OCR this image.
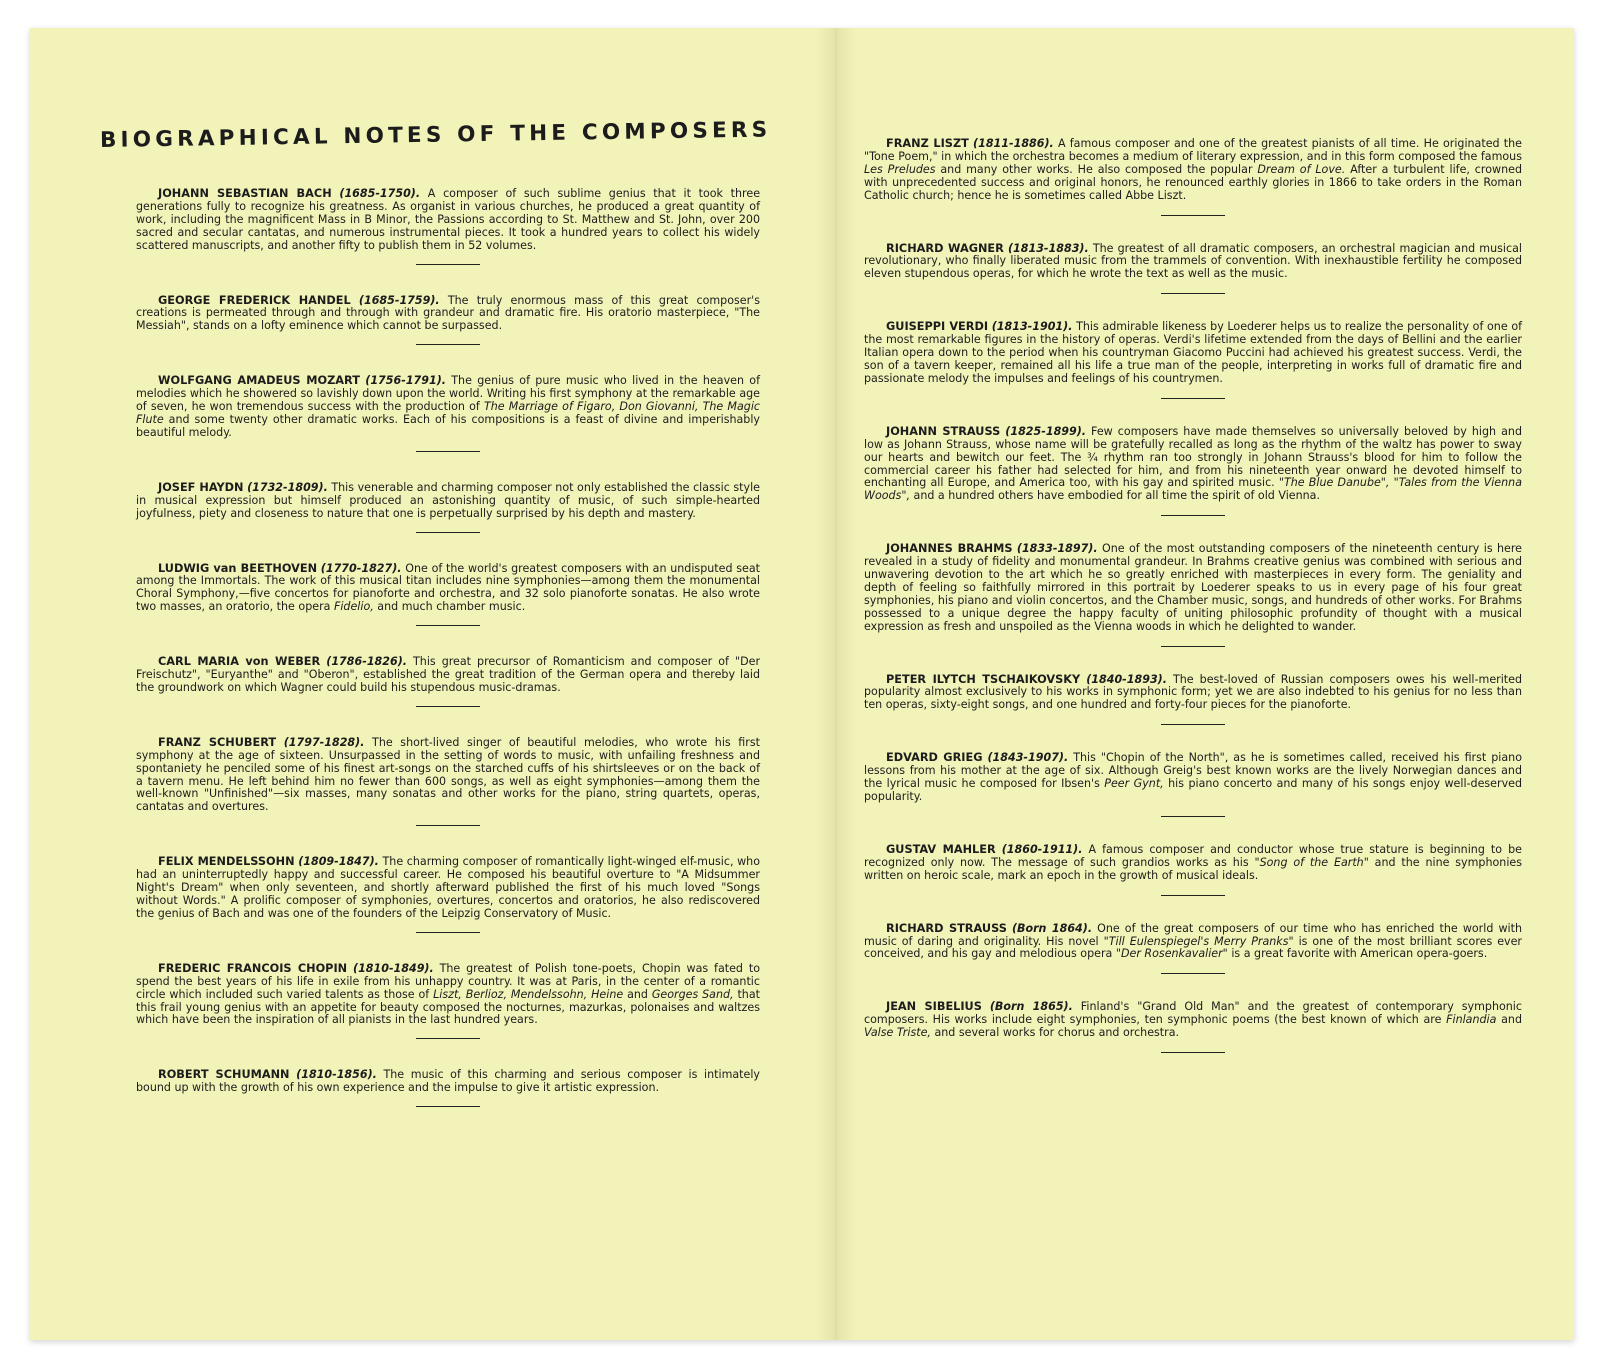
BIOGRAPHICAL NOTES OF THE COMPOSERS

JOHANN SEBASTIAN BACH (1685-1750). A composer of such sublime genius that it took three generations fully to recognize his greatness. As organist in various churches, he produced a great quantity of work, including the magnificent Mass in B Minor, the Passions according to St. Matthew and St. John, over 200 sacred and secular cantatas, and numerous instrumental pieces. It took a hundred years to collect his widely scattered manuscripts, and another fifty to publish them in 52 volumes.

GEORGE FREDERICK HANDEL (1685-1759). The truly enormous mass of this great composer's creations is permeated through and through with grandeur and dramatic fire. His oratorio masterpiece, "The Messiah", stands on a lofty eminence which cannot be surpassed.

WOLFGANG AMADEUS MOZART (1756-1791). The genius of pure music who lived in the heaven of melodies which he showered so lavishly down upon the world. Writing his first symphony at the remarkable age of seven, he won tremendous success with the production of The Marriage of Figaro, Don Giovanni, The Magic Flute and some twenty other dramatic works. Each of his compositions is a feast of divine and imperishably beautiful melody.

JOSEF HAYDN (1732-1809). This venerable and charming composer not only established the classic style in musical expression but himself produced an astonishing quantity of music, of such simple-hearted joyfulness, piety and closeness to nature that one is perpetually surprised by his depth and mastery.

LUDWIG van BEETHOVEN (1770-1827). One of the world's greatest composers with an undisputed seat among the Immortals. The work of this musical titan includes nine symphonies—among them the monumental Choral Symphony,—five concertos for pianoforte and orchestra, and 32 solo pianoforte sonatas. He also wrote two masses, an oratorio, the opera Fidelio, and much chamber music.

CARL MARIA von WEBER (1786-1826). This great precursor of Romanticism and composer of "Der Freischutz", "Euryanthe" and "Oberon", established the great tradition of the German opera and thereby laid the groundwork on which Wagner could build his stupendous music-dramas.

FRANZ SCHUBERT (1797-1828). The short-lived singer of beautiful melodies, who wrote his first symphony at the age of sixteen. Unsurpassed in the setting of words to music, with unfailing freshness and spontaniety he penciled some of his finest art-songs on the starched cuffs of his shirtsleeves or on the back of a tavern menu. He left behind him no fewer than 600 songs, as well as eight symphonies—among them the well-known "Unfinished"—six masses, many sonatas and other works for the piano, string quartets, operas, cantatas and overtures.

FELIX MENDELSSOHN (1809-1847). The charming composer of romantically light-winged elf-music, who had an uninterruptedly happy and successful career. He composed his beautiful overture to "A Midsummer Night's Dream" when only seventeen, and shortly afterward published the first of his much loved "Songs without Words." A prolific composer of symphonies, overtures, concertos and oratorios, he also rediscovered the genius of Bach and was one of the founders of the Leipzig Conservatory of Music.

FREDERIC FRANCOIS CHOPIN (1810-1849). The greatest of Polish tone-poets, Chopin was fated to spend the best years of his life in exile from his unhappy country. It was at Paris, in the center of a romantic circle which included such varied talents as those of Liszt, Berlioz, Mendelssohn, Heine and Georges Sand, that this frail young genius with an appetite for beauty composed the nocturnes, mazurkas, polonaises and waltzes which have been the inspiration of all pianists in the last hundred years.

ROBERT SCHUMANN (1810-1856). The music of this charming and serious composer is intimately bound up with the growth of his own experience and the impulse to give it artistic expression.

FRANZ LISZT (1811-1886). A famous composer and one of the greatest pianists of all time. He originated the "Tone Poem," in which the orchestra becomes a medium of literary expression, and in this form composed the famous Les Preludes and many other works. He also composed the popular Dream of Love. After a turbulent life, crowned with unprecedented success and original honors, he renounced earthly glories in 1866 to take orders in the Roman Catholic church; hence he is sometimes called Abbe Liszt.

RICHARD WAGNER (1813-1883). The greatest of all dramatic composers, an orchestral magician and musical revolutionary, who finally liberated music from the trammels of convention. With inexhaustible fertility he composed eleven stupendous operas, for which he wrote the text as well as the music.

GUISEPPI VERDI (1813-1901). This admirable likeness by Loederer helps us to realize the personality of one of the most remarkable figures in the history of operas. Verdi's lifetime extended from the days of Bellini and the earlier Italian opera down to the period when his countryman Giacomo Puccini had achieved his greatest success. Verdi, the son of a tavern keeper, remained all his life a true man of the people, interpreting in works full of dramatic fire and passionate melody the impulses and feelings of his countrymen.

JOHANN STRAUSS (1825-1899). Few composers have made themselves so universally beloved by high and low as Johann Strauss, whose name will be gratefully recalled as long as the rhythm of the waltz has power to sway our hearts and bewitch our feet. The ¾ rhythm ran too strongly in Johann Strauss's blood for him to follow the commercial career his father had selected for him, and from his nineteenth year onward he devoted himself to enchanting all Europe, and America too, with his gay and spirited music. "The Blue Danube", "Tales from the Vienna Woods", and a hundred others have embodied for all time the spirit of old Vienna.

JOHANNES BRAHMS (1833-1897). One of the most outstanding composers of the nineteenth century is here revealed in a study of fidelity and monumental grandeur. In Brahms creative genius was combined with serious and unwavering devotion to the art which he so greatly enriched with masterpieces in every form. The geniality and depth of feeling so faithfully mirrored in this portrait by Loederer speaks to us in every page of his four great symphonies, his piano and violin concertos, and the Chamber music, songs, and hundreds of other works. For Brahms possessed to a unique degree the happy faculty of uniting philosophic profundity of thought with a musical expression as fresh and unspoiled as the Vienna woods in which he delighted to wander.

PETER ILYTCH TSCHAIKOVSKY (1840-1893). The best-loved of Russian composers owes his well-merited popularity almost exclusively to his works in symphonic form; yet we are also indebted to his genius for no less than ten operas, sixty-eight songs, and one hundred and forty-four pieces for the pianoforte.

EDVARD GRIEG (1843-1907). This "Chopin of the North", as he is sometimes called, received his first piano lessons from his mother at the age of six. Although Greig's best known works are the lively Norwegian dances and the lyrical music he composed for Ibsen's Peer Gynt, his piano concerto and many of his songs enjoy well-deserved popularity.

GUSTAV MAHLER (1860-1911). A famous composer and conductor whose true stature is beginning to be recognized only now. The message of such grandios works as his "Song of the Earth" and the nine symphonies written on heroic scale, mark an epoch in the growth of musical ideals.

RICHARD STRAUSS (Born 1864). One of the great composers of our time who has enriched the world with music of daring and originality. His novel "Till Eulenspiegel's Merry Pranks" is one of the most brilliant scores ever conceived, and his gay and melodious opera "Der Rosenkavalier" is a great favorite with American opera-goers.

JEAN SIBELIUS (Born 1865). Finland's "Grand Old Man" and the greatest of contemporary symphonic composers. His works include eight symphonies, ten symphonic poems (the best known of which are Finlandia and Valse Triste, and several works for chorus and orchestra.
